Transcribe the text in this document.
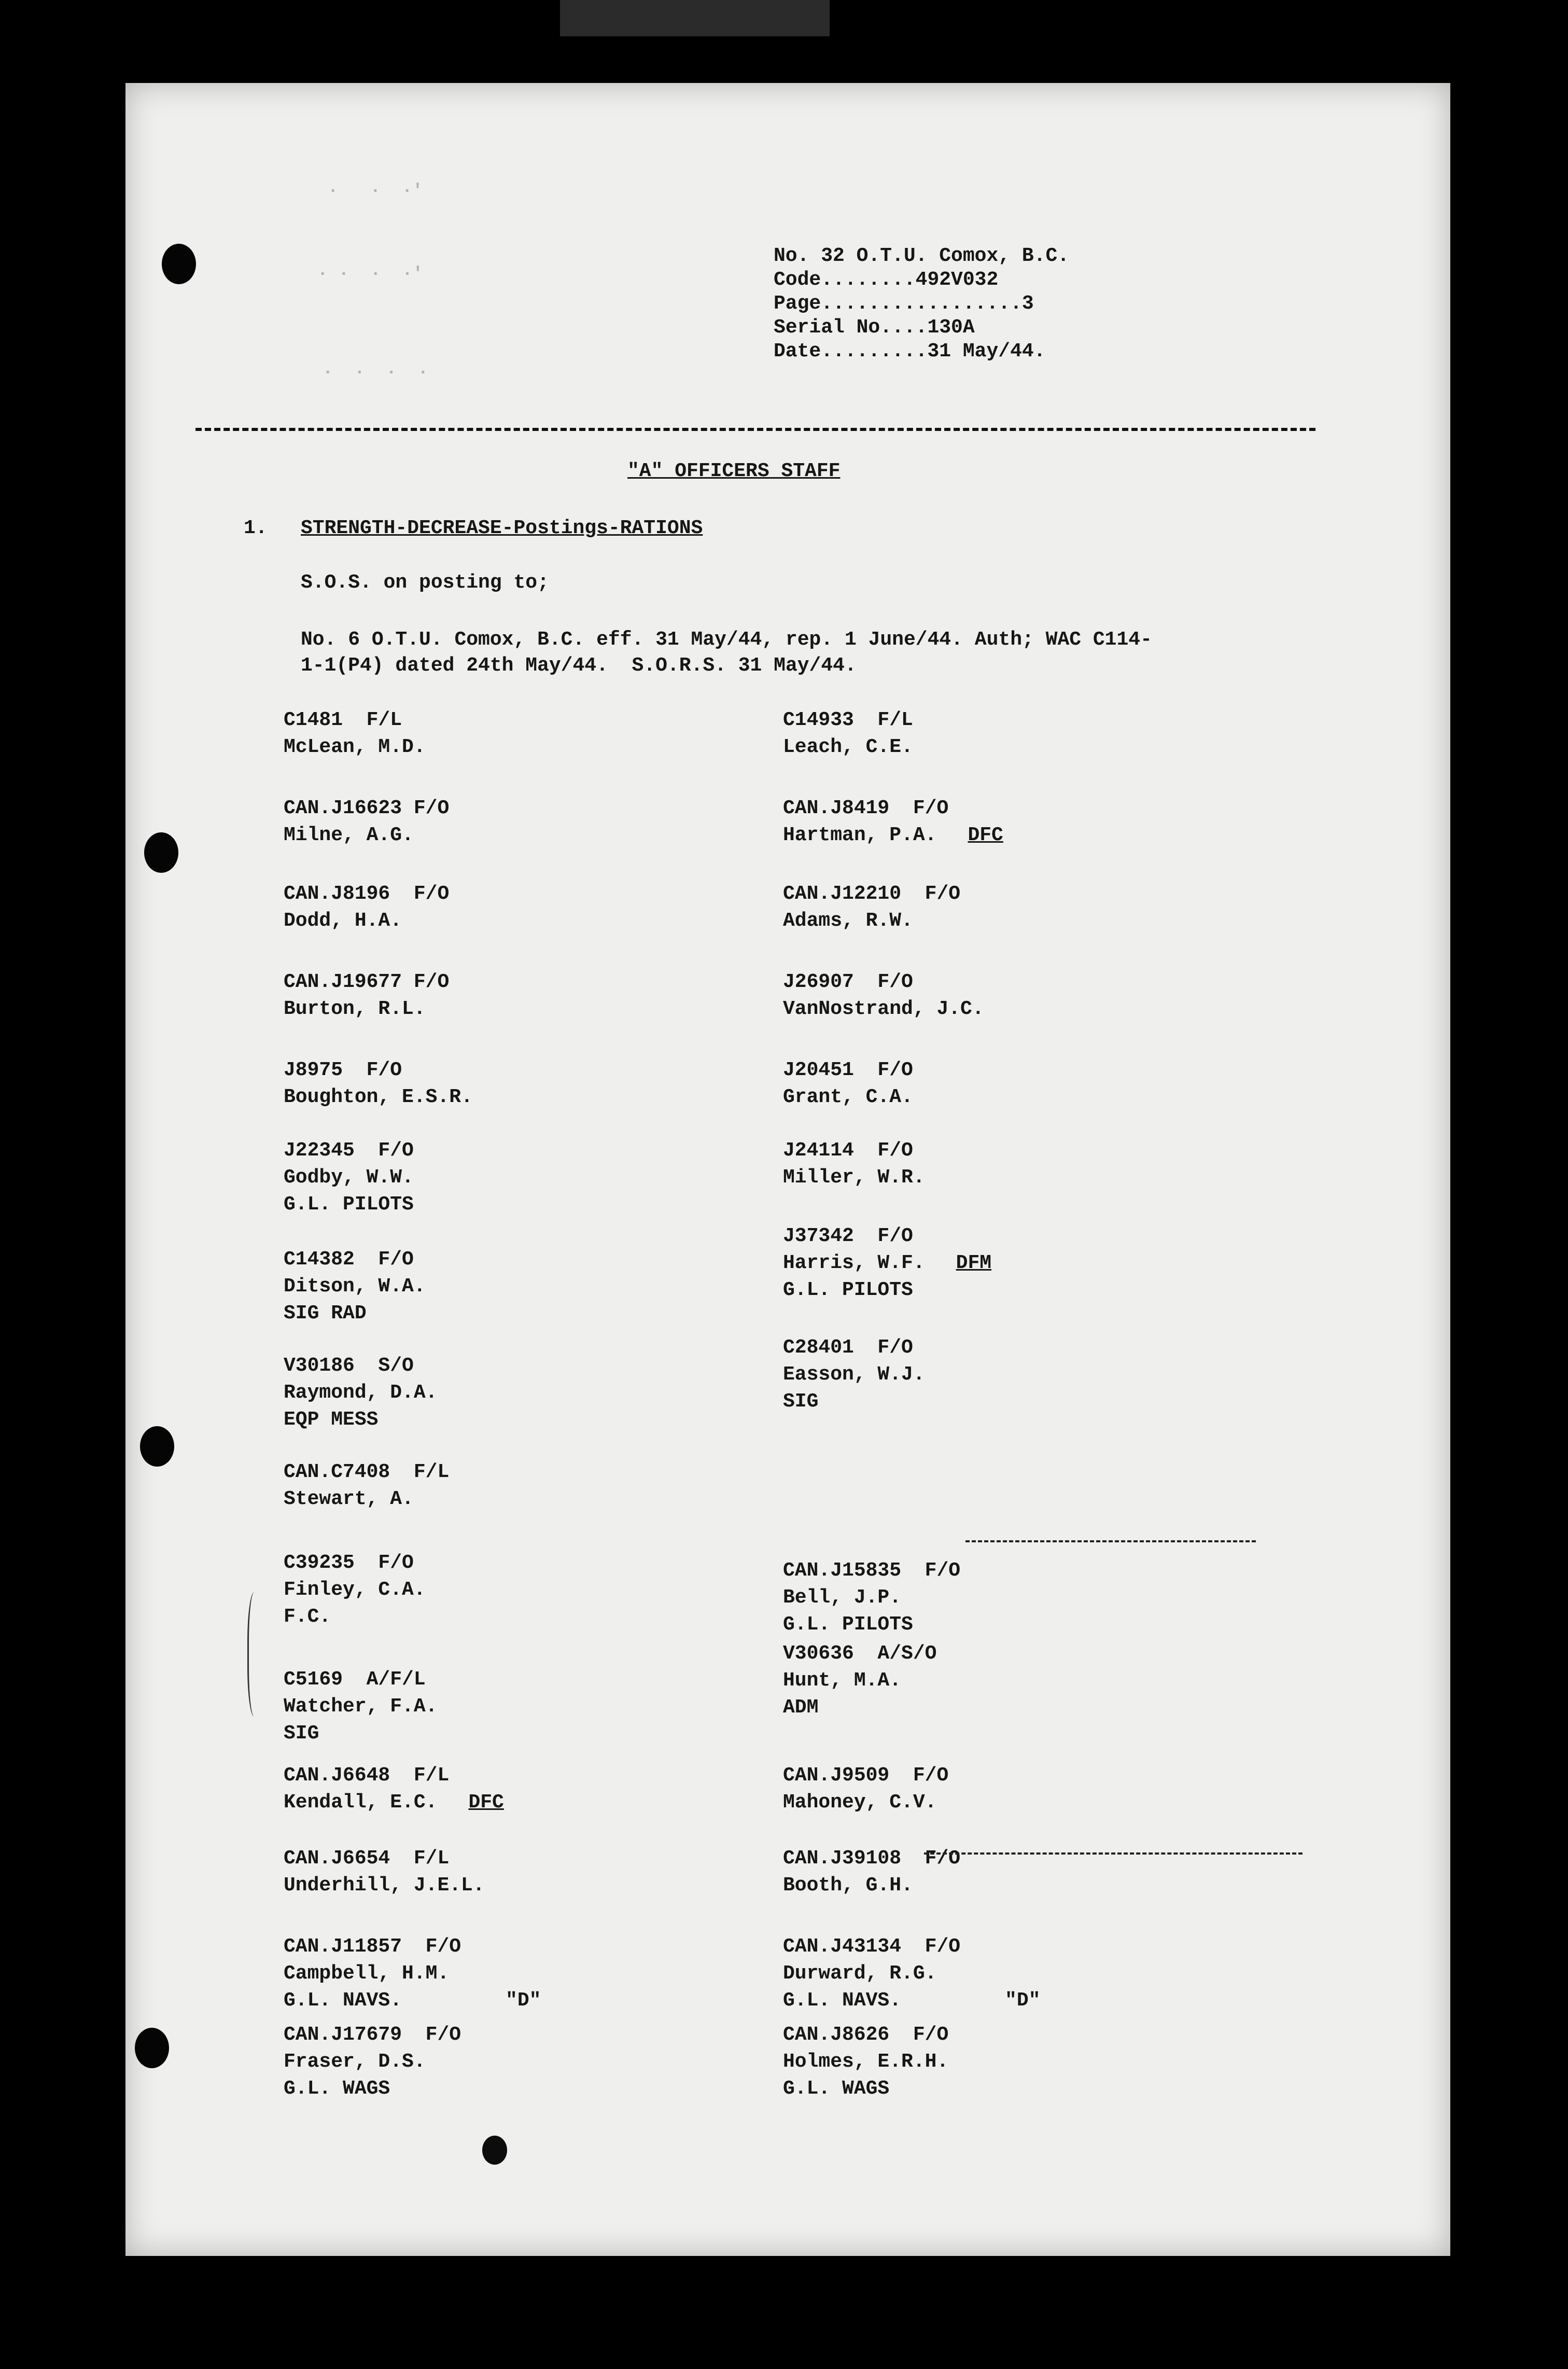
·   ·  ·'
· ·  ·  ·'
·  ·  ·  ·
No. 32 O.T.U. Comox, B.C.
Code........492V032
Page.................3
Serial No....130A
Date.........31 May/44.
"A" OFFICERS STAFF
1. STRENGTH-DECREASE-Postings-RATIONS
S.O.S. on posting to;
No. 6 O.T.U. Comox, B.C. eff. 31 May/44, rep. 1 June/44. Auth; WAC C114-
1-1(P4) dated 24th May/44.  S.O.R.S. 31 May/44.
C1481  F/L
McLean, M.D.
CAN.J16623 F/O
Milne, A.G.
CAN.J8196  F/O
Dodd, H.A.
CAN.J19677 F/O
Burton, R.L.
J8975  F/O
Boughton, E.S.R.
J22345  F/O
Godby, W.W.
G.L. PILOTS
C14382  F/O
Ditson, W.A.
SIG RAD
V30186  S/O
Raymond, D.A.
EQP MESS
CAN.C7408  F/L
Stewart, A.
C39235  F/O
Finley, C.A.
F.C.
C5169  A/F/L
Watcher, F.A.
SIG
CAN.J6648  F/L
Kendall, E.C. DFC
CAN.J6654  F/L
Underhill, J.E.L.
CAN.J11857  F/O
Campbell, H.M.
G.L. NAVS.	"D"
CAN.J17679  F/O
Fraser, D.S.
G.L. WAGS
C14933  F/L
Leach, C.E.
CAN.J8419  F/O
Hartman, P.A. DFC
CAN.J12210  F/O
Adams, R.W.
J26907  F/O
VanNostrand, J.C.
J20451  F/O
Grant, C.A.
J24114  F/O
Miller, W.R.
J37342  F/O
Harris, W.F. DFM
G.L. PILOTS
C28401  F/O
Easson, W.J.
SIG
CAN.J15835  F/O
Bell, J.P.
G.L. PILOTS
V30636  A/S/O
Hunt, M.A.
ADM
CAN.J9509  F/O
Mahoney, C.V.
CAN.J39108  F/O
Booth, G.H.
CAN.J43134  F/O
Durward, R.G.
G.L. NAVS.	"D"
CAN.J8626  F/O
Holmes, E.R.H.
G.L. WAGS
